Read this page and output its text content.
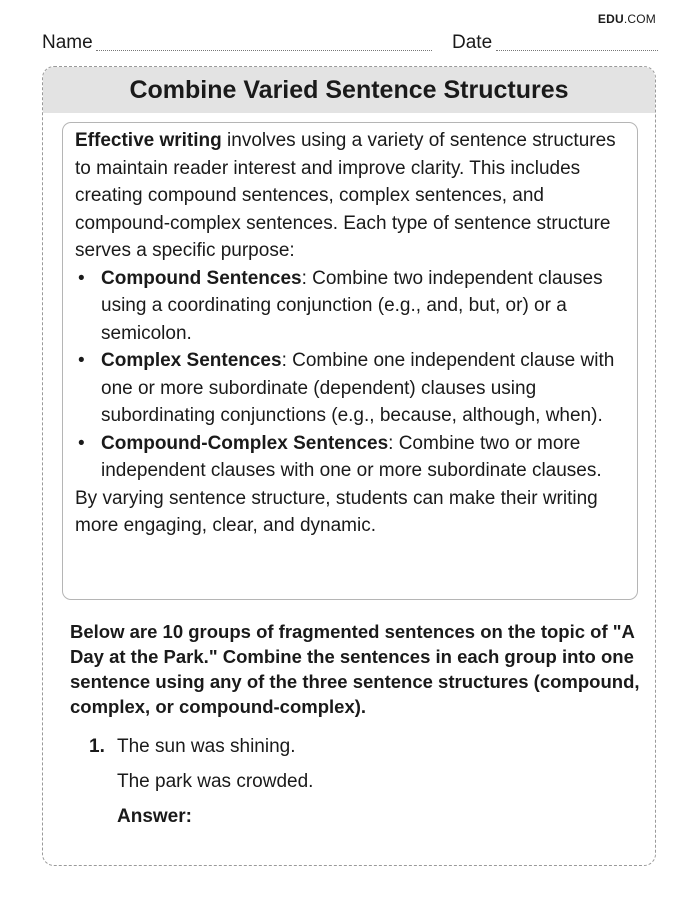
EDU.COM
Name	Date
Combine Varied Sentence Structures

Effective writing involves using a variety of sentence structures to maintain reader interest and improve clarity. This includes creating compound sentences, complex sentences, and compound-complex sentences. Each type of sentence structure serves a specific purpose:

• Compound Sentences: Combine two independent clauses using a coordinating conjunction (e.g., and, but, or) or a semicolon.
• Complex Sentences: Combine one independent clause with one or more subordinate (dependent) clauses using subordinating conjunctions (e.g., because, although, when).
• Compound-Complex Sentences: Combine two or more independent clauses with one or more subordinate clauses.

By varying sentence structure, students can make their writing more engaging, clear, and dynamic.

Below are 10 groups of fragmented sentences on the topic of "A Day at the Park." Combine the sentences in each group into one sentence using any of the three sentence structures (compound, complex, or compound-complex).

1. The sun was shining.
The park was crowded.
Answer:
